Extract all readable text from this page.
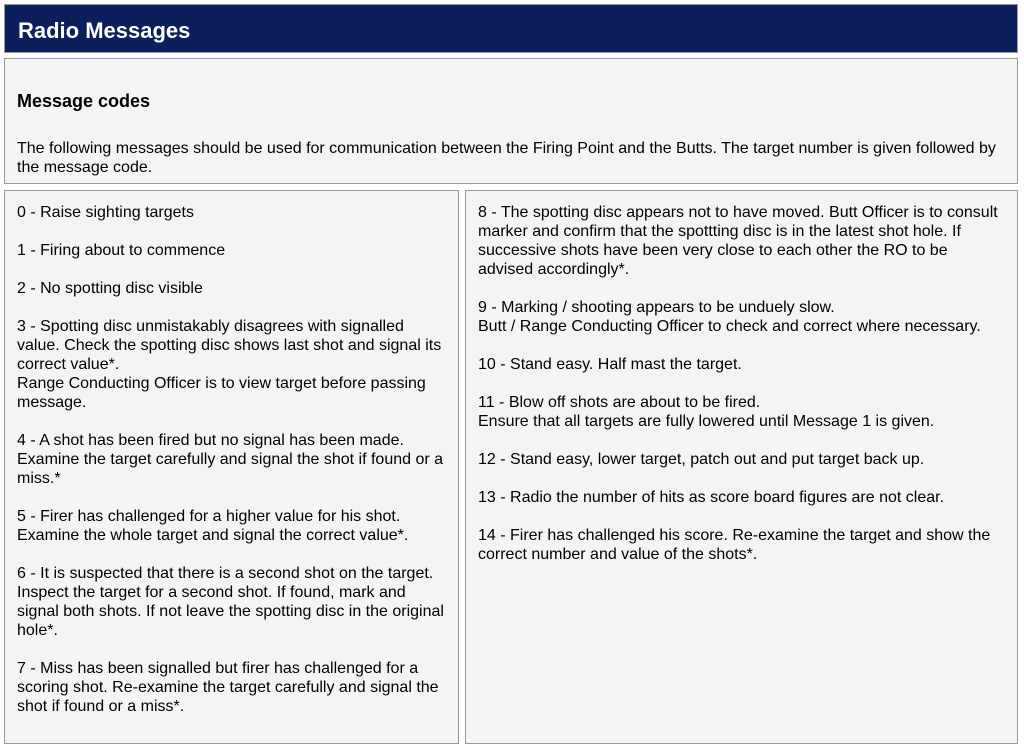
Radio Messages
Message codes
The following messages should be used for communication between the Firing Point and the Butts. The target number is given followed by the message code.
0 - Raise sighting targets
1 - Firing about to commence
2 - No spotting disc visible
3 - Spotting disc unmistakably disagrees with signalled value. Check the spotting disc shows last shot and signal its correct value*.
Range Conducting Officer is to view target before passing message.
4 - A shot has been fired but no signal has been made. Examine the target carefully and signal the shot if found or a miss.*
5 - Firer has challenged for a higher value for his shot. Examine the whole target and signal the correct value*.
6 - It is suspected that there is a second shot on the target. Inspect the target for a second shot. If found, mark and signal both shots. If not leave the spotting disc in the original hole*.
7 - Miss has been signalled but firer has challenged for a scoring shot. Re-examine the target carefully and signal the shot if found or a miss*.
8 - The spotting disc appears not to have moved. Butt Officer is to consult marker and confirm that the spottting disc is in the latest shot hole. If successive shots have been very close to each other the RO to be advised accordingly*.
9 - Marking / shooting appears to be unduely slow.
Butt / Range Conducting Officer to check and correct where necessary.
10 - Stand easy. Half mast the target.
11 - Blow off shots are about to be fired.
Ensure that all targets are fully lowered until Message 1 is given.
12 - Stand easy, lower target, patch out and put target back up.
13 - Radio the number of hits as score board figures are not clear.
14 - Firer has challenged his score. Re-examine the target and show the correct number and value of the shots*.
